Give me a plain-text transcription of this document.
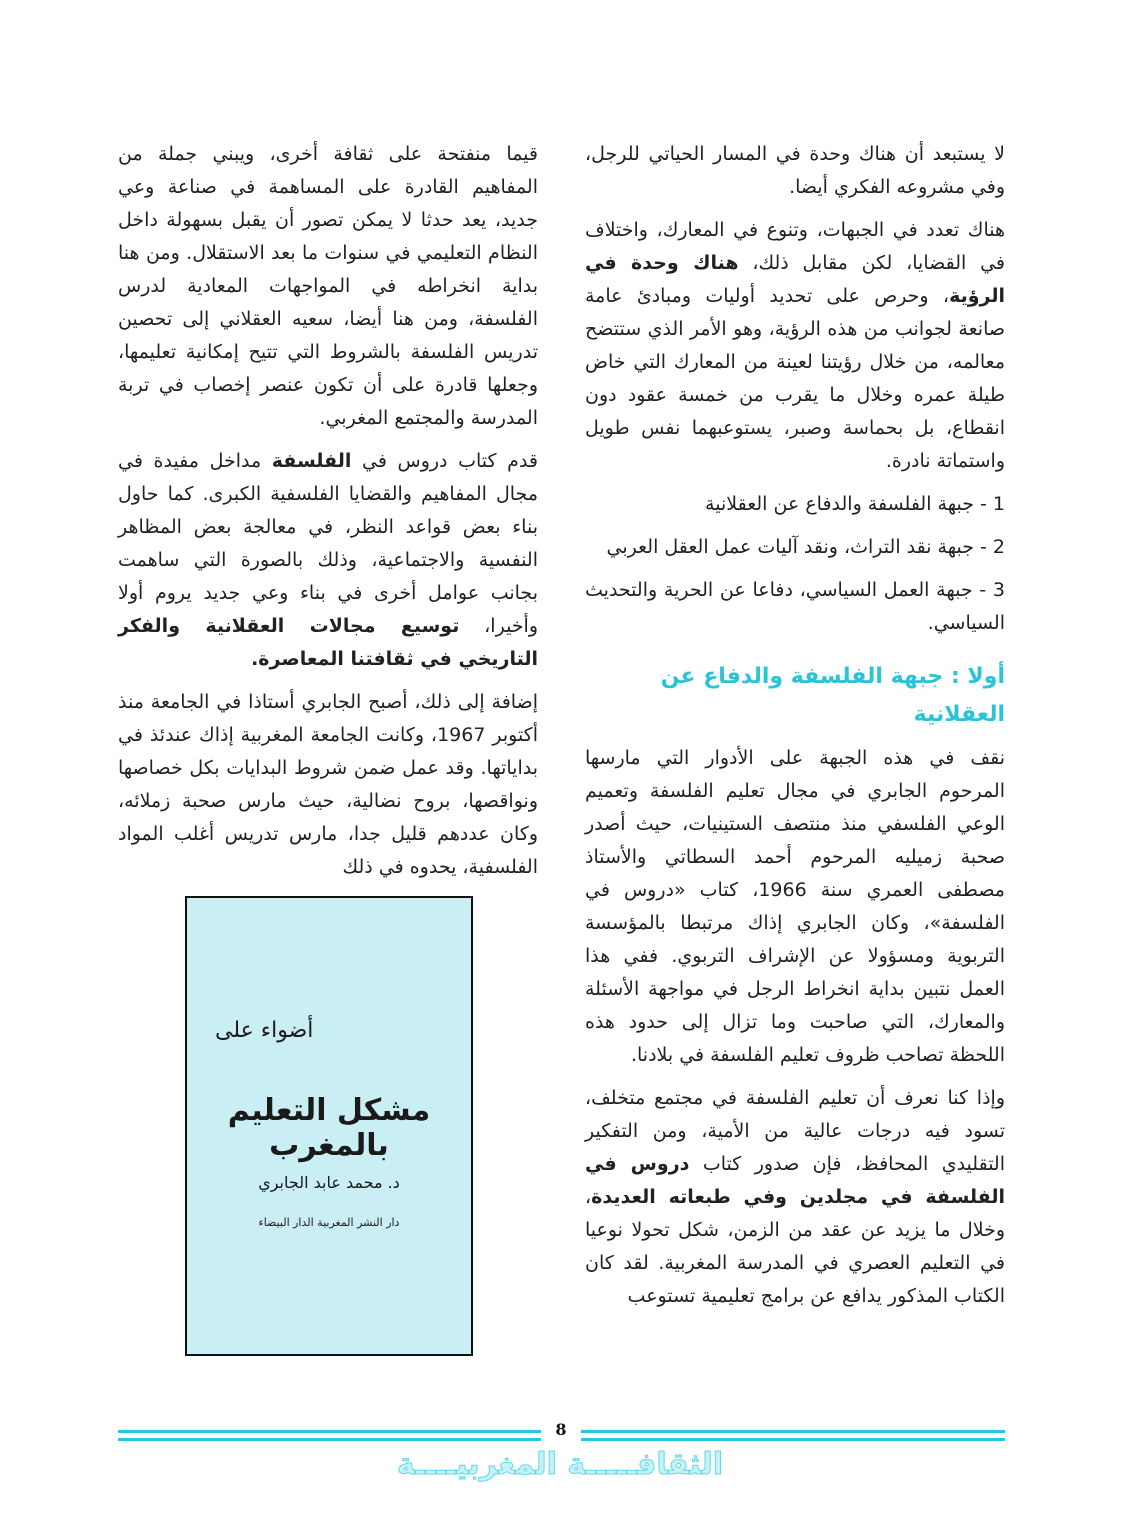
لا يستبعد أن هناك وحدة في المسار الحياتي للرجل، وفي مشروعه الفكري أيضا.

هناك تعدد في الجبهات، وتنوع في المعارك، واختلاف في القضايا، لكن مقابل ذلك، هناك وحدة في الرؤية، وحرص على تحديد أوليات ومبادئ عامة صانعة لجوانب من هذه الرؤية، وهو الأمر الذي ستتضح معالمه، من خلال رؤيتنا لعينة من المعارك التي خاض طيلة عمره وخلال ما يقرب من خمسة عقود دون انقطاع، بل بحماسة وصبر، يستوعبهما نفس طويل واستماتة نادرة.

1 - جبهة الفلسفة والدفاع عن العقلانية

2 - جبهة نقد التراث، ونقد آليات عمل العقل العربي

3 - جبهة العمل السياسي، دفاعا عن الحرية والتحديث السياسي.

أولا : جبهة الفلسفة والدفاع عن العقلانية

نقف في هذه الجبهة على الأدوار التي مارسها المرحوم الجابري في مجال تعليم الفلسفة وتعميم الوعي الفلسفي منذ منتصف الستينيات، حيث أصدر صحبة زميليه المرحوم أحمد السطاتي والأستاذ مصطفى العمري سنة 1966، كتاب «دروس في الفلسفة»، وكان الجابري إذاك مرتبطا بالمؤسسة التربوية ومسؤولا عن الإشراف التربوي. ففي هذا العمل نتبين بداية انخراط الرجل في مواجهة الأسئلة والمعارك، التي صاحبت وما تزال إلى حدود هذه اللحظة تصاحب ظروف تعليم الفلسفة في بلادنا.

وإذا كنا نعرف أن تعليم الفلسفة في مجتمع متخلف، تسود فيه درجات عالية من الأمية، ومن التفكير التقليدي المحافظ، فإن صدور كتاب دروس في الفلسفة في مجلدين وفي طبعاته العديدة، وخلال ما يزيد عن عقد من الزمن، شكل تحولا نوعيا في التعليم العصري في المدرسة المغربية. لقد كان الكتاب المذكور يدافع عن برامج تعليمية تستوعب

قيما منفتحة على ثقافة أخرى، ويبني جملة من المفاهيم القادرة على المساهمة في صناعة وعي جديد، يعد حدثا لا يمكن تصور أن يقبل بسهولة داخل النظام التعليمي في سنوات ما بعد الاستقلال. ومن هنا بداية انخراطه في المواجهات المعادية لدرس الفلسفة، ومن هنا أيضا، سعيه العقلاني إلى تحصين تدريس الفلسفة بالشروط التي تتيح إمكانية تعليمها، وجعلها قادرة على أن تكون عنصر إخصاب في تربة المدرسة والمجتمع المغربي.

قدم كتاب دروس في الفلسفة مداخل مفيدة في مجال المفاهيم والقضايا الفلسفية الكبرى. كما حاول بناء بعض قواعد النظر، في معالجة بعض المظاهر النفسية والاجتماعية، وذلك بالصورة التي ساهمت بجانب عوامل أخرى في بناء وعي جديد يروم أولا وأخيرا، توسيع مجالات العقلانية والفكر التاريخي في ثقافتنا المعاصرة.

إضافة إلى ذلك، أصبح الجابري أستاذا في الجامعة منذ أكتوبر 1967، وكانت الجامعة المغربية إذاك عندئذ في بداياتها. وقد عمل ضمن شروط البدايات بكل خصاصها ونواقصها، بروح نضالية، حيث مارس صحبة زملائه، وكان عددهم قليل جدا، مارس تدريس أغلب المواد الفلسفية، يحدوه في ذلك

أضواء على
مشكل التعليم بالمغرب
د. محمد عابد الجابري
دار النشر المغربية الدار البيضاء
8
الثقافـــــة المغربيــــة
